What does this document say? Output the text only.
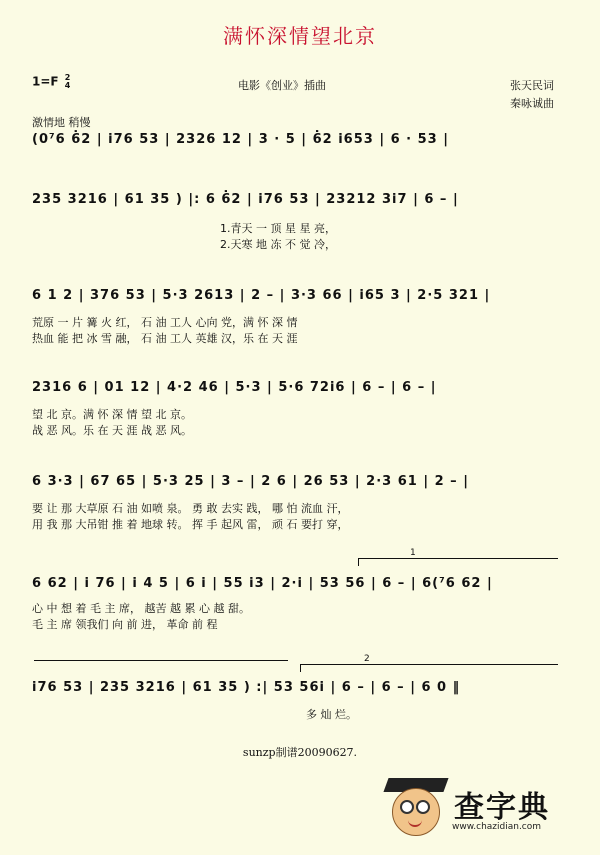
满怀深情望北京
1=F 2
4	电影《创业》插曲	张天民词
秦咏诚曲
激情地 稍慢
(0⁷6 6̇2 | i76 53 | 2326 12 | 3 · 5 | 6̇2 i653 | 6 · 53 |
235 3216 | 61 35 ) |: 6 6̇2 | i76 53 | 23212 3i7 | 6 – |
1.青天 一 顶 星 星 亮，
2.天寒 地 冻 不 觉 冷，
6 1 2 | 376 53 | 5·3 2613 | 2 – | 3·3 66 | i65 3 | 2·5 321 |
荒原 一 片 篝 火 红， 石 油 工人 心向 党，满 怀 深 情
热血 能 把 冰 雪 融， 石 油 工人 英雄 汉，乐 在 天 涯
2316 6 | 01 12 | 4·2 46 | 5·3 | 5·6 72i6 | 6 – | 6 – |
望 北 京。满 怀 深 情 望 北 京。
战 恶 风。乐 在 天 涯 战 恶 风。
6 3·3 | 67 65 | 5·3 25 | 3 – | 2 6 | 26 53 | 2·3 61 | 2 – |
要 让 那 大草原 石 油 如喷 泉。 勇 敢 去实 践， 哪 怕 流血 汗，
用 我 那 大吊钳 推 着 地球 转。 挥 手 起风 雷， 顽 石 要打 穿，
1
6 62 | i 76 | i 4 5 | 6 i | 55 i3 | 2·i | 53 56 | 6 – | 6(⁷6 62 |
心 中 想 着 毛 主 席， 越苦 越 累 心 越 甜。
毛 主 席 领我们 向 前 进， 革命 前 程
2
i76 53 | 235 3216 | 61 35 ) :| 53 56i | 6 – | 6 – | 6 0 ‖
多 灿 烂。
sunzp制谱20090627.
查字典
www.chazidian.com
